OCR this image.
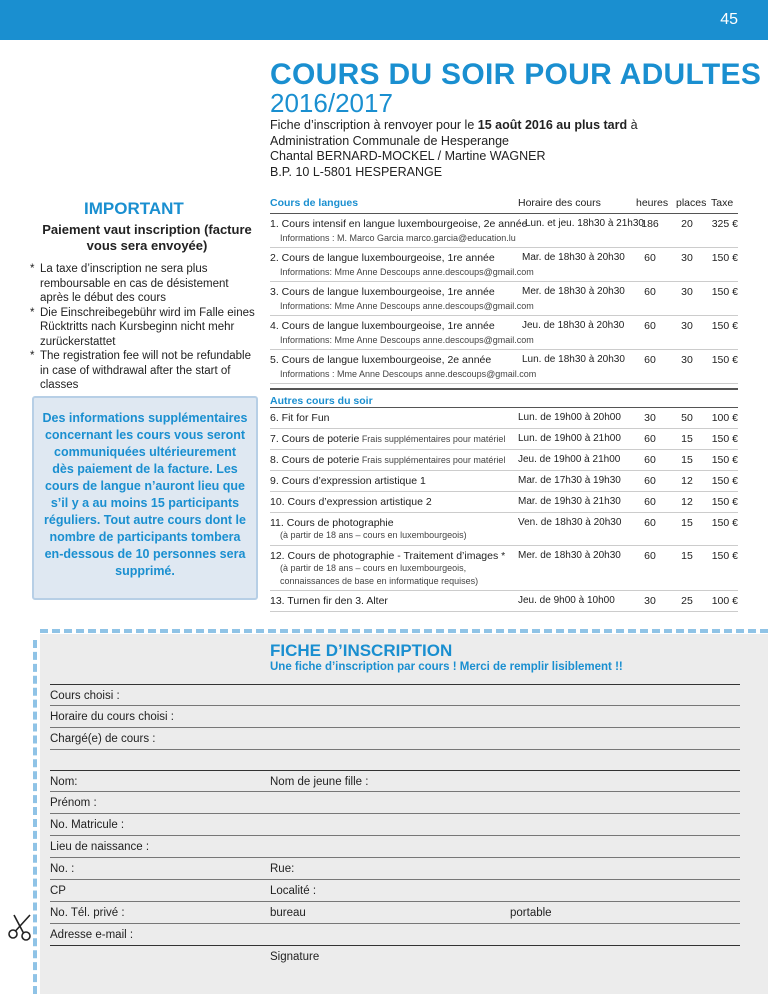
45
COURS DU SOIR POUR ADULTES
2016/2017
Fiche d’inscription à renvoyer pour le 15 août 2016 au plus tard à
Administration Communale de Hesperange
Chantal BERNARD-MOCKEL / Martine WAGNER
B.P. 10 L-5801 HESPERANGE
IMPORTANT
Paiement vaut inscription (facture vous sera envoyée)
* La taxe d’inscription ne sera plus remboursable en cas de désistement après le début des cours
* Die Einschreibegebühr wird im Falle eines Rücktritts nach Kursbeginn nicht mehr zurückerstattet
* The registration fee will not be refundable in case of withdrawal after the start of classes
Des informations supplémentaires concernant les cours vous seront communiquées ultérieurement dès paiement de la facture. Les cours de langue n’auront lieu que s’il y a au moins 15 participants réguliers. Tout autre cours dont le nombre de participants tombera en-dessous de 10 personnes sera supprimé.
Cours de langues	Horaire des cours	heures places Taxe
1. Cours intensif en langue luxembourgeoise, 2e année
Lun. et jeu. 18h30 à 21h30
Informations : M. Marco Garcia marco.garcia@education.lu
186	20	325 €
2. Cours de langue luxembourgeoise, 1re année	Mar. de 18h30 à 20h30
Informations: Mme Anne Descoups anne.descoups@gmail.com
60	30	150 €
3. Cours de langue luxembourgeoise, 1re année	Mer. de 18h30 à 20h30
Informations: Mme Anne Descoups anne.descoups@gmail.com
60	30	150 €
4. Cours de langue luxembourgeoise, 1re année	Jeu. de 18h30 à 20h30
Informations: Mme Anne Descoups anne.descoups@gmail.com
60	30	150 €
5. Cours de langue luxembourgeoise, 2e année	Lun. de 18h30 à 20h30
Informations : Mme Anne Descoups anne.descoups@gmail.com
60	30	150 €
Autres cours du soir
6. Fit for Fun	Lun. de 19h00 à 20h00	30	50	100 €
7. Cours de poterie Frais supplémentaires pour matériel Lun. de 19h00 à 21h00	60	15	150 €
8. Cours de poterie Frais supplémentaires pour matériel Jeu. de 19h00 à 21h00	60	15	150 €
9. Cours d’expression artistique 1	Mar. de 17h30 à 19h30	60	12	150 €
10. Cours d’expression artistique 2	Mar. de 19h30 à 21h30	60	12	150 €
11. Cours de photographie
(à partir de 18 ans – cours en luxembourgeois)
Ven. de 18h30 à 20h30	60	15	150 €
12. Cours de photographie - Traitement d’images *
(à partir de 18 ans – cours en luxembourgeois,
connaissances de base en informatique requises)
Mer. de 18h30 à 20h30	60	15	150 €
13. Turnen fir den 3. Alter	Jeu. de 9h00 à 10h00	30	25	100 €
FICHE D’INSCRIPTION
Une fiche d’inscription par cours ! Merci de remplir lisiblement !!
Cours choisi :
Horaire du cours choisi :
Chargé(e) de cours :
Nom:	Nom de jeune fille :
Prénom :
No. Matricule :
Lieu de naissance :
No. :	Rue:
CP	Localité :
No. Tél. privé :	bureau	portable
Adresse e-mail :
Signature
